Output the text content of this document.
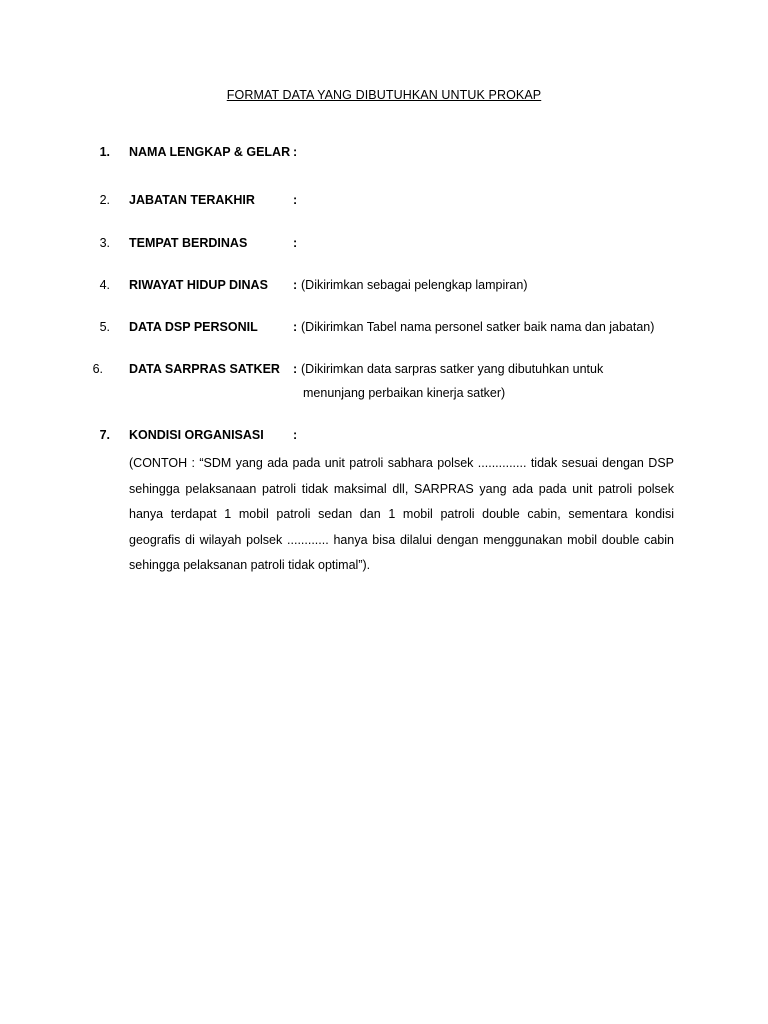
FORMAT DATA YANG DIBUTUHKAN UNTUK PROKAP
1. NAMA LENGKAP & GELAR :
2. JABATAN TERAKHIR	:
3. TEMPAT BERDINAS	:
4. RIWAYAT HIDUP DINAS : (Dikirimkan sebagai pelengkap lampiran)
5. DATA DSP PERSONIL	: (Dikirimkan Tabel nama personel satker baik nama dan jabatan)
6. DATA SARPRAS SATKER : (Dikirimkan data sarpras satker yang dibutuhkan untuk
menunjang perbaikan kinerja satker)
7. KONDISI ORGANISASI :
(CONTOH : “SDM yang ada pada unit patroli sabhara polsek .............. tidak sesuai dengan DSP sehingga pelaksanaan patroli tidak maksimal dll, SARPRAS yang ada pada unit patroli polsek hanya terdapat 1 mobil patroli sedan dan 1 mobil patroli double cabin, sementara kondisi geografis di wilayah polsek ............ hanya bisa dilalui dengan menggunakan mobil double cabin sehingga pelaksanan patroli tidak optimal”).
